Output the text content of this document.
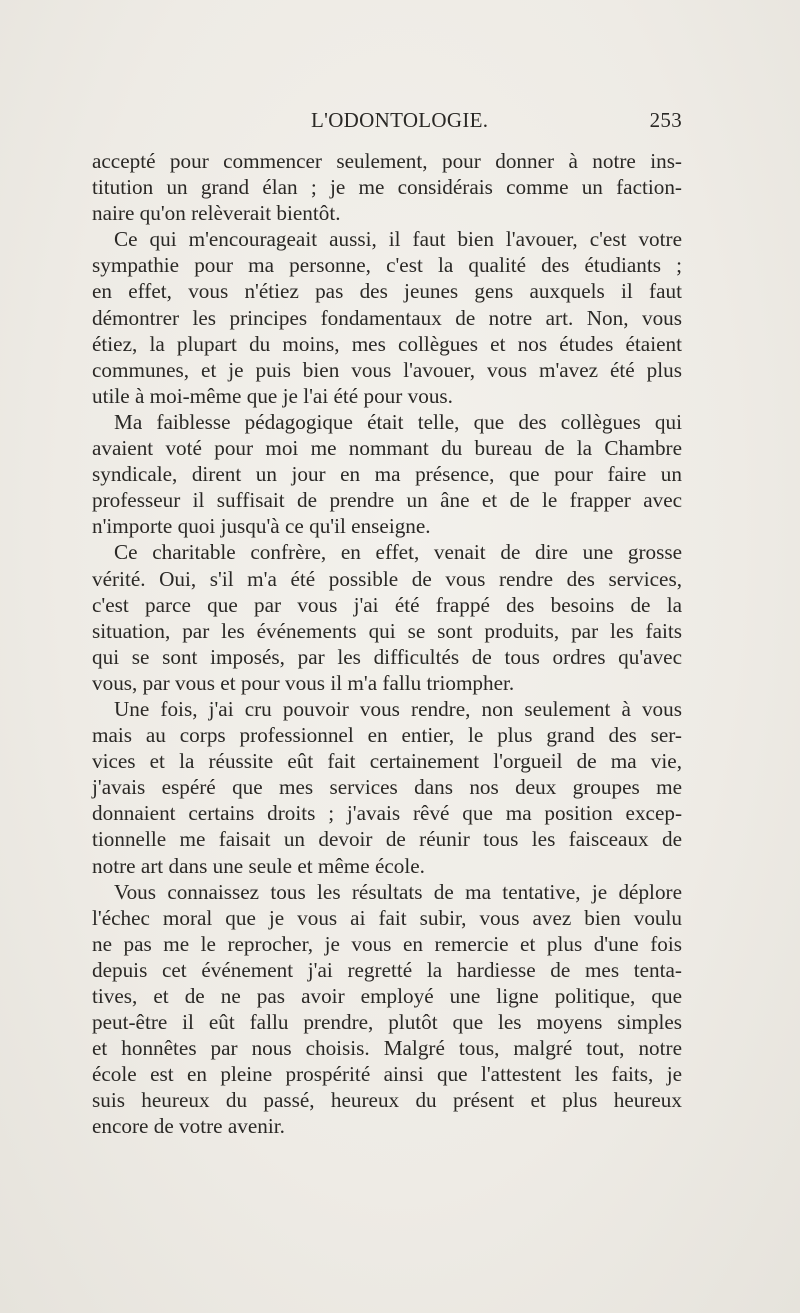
L'ODONTOLOGIE.	253
accepté pour commencer seulement, pour donner à notre ins-
titution un grand élan ; je me considérais comme un faction-
naire qu'on relèverait bientôt.
Ce qui m'encourageait aussi, il faut bien l'avouer, c'est votre
sympathie pour ma personne, c'est la qualité des étudiants ;
en effet, vous n'étiez pas des jeunes gens auxquels il faut
démontrer les principes fondamentaux de notre art. Non, vous
étiez, la plupart du moins, mes collègues et nos études étaient
communes, et je puis bien vous l'avouer, vous m'avez été plus
utile à moi-même que je l'ai été pour vous.
Ma faiblesse pédagogique était telle, que des collègues qui
avaient voté pour moi me nommant du bureau de la Chambre
syndicale, dirent un jour en ma présence, que pour faire un
professeur il suffisait de prendre un âne et de le frapper avec
n'importe quoi jusqu'à ce qu'il enseigne.
Ce charitable confrère, en effet, venait de dire une grosse
vérité. Oui, s'il m'a été possible de vous rendre des services,
c'est parce que par vous j'ai été frappé des besoins de la
situation, par les événements qui se sont produits, par les faits
qui se sont imposés, par les difficultés de tous ordres qu'avec
vous, par vous et pour vous il m'a fallu triompher.
Une fois, j'ai cru pouvoir vous rendre, non seulement à vous
mais au corps professionnel en entier, le plus grand des ser-
vices et la réussite eût fait certainement l'orgueil de ma vie,
j'avais espéré que mes services dans nos deux groupes me
donnaient certains droits ; j'avais rêvé que ma position excep-
tionnelle me faisait un devoir de réunir tous les faisceaux de
notre art dans une seule et même école.
Vous connaissez tous les résultats de ma tentative, je déplore
l'échec moral que je vous ai fait subir, vous avez bien voulu
ne pas me le reprocher, je vous en remercie et plus d'une fois
depuis cet événement j'ai regretté la hardiesse de mes tenta-
tives, et de ne pas avoir employé une ligne politique, que
peut-être il eût fallu prendre, plutôt que les moyens simples
et honnêtes par nous choisis. Malgré tous, malgré tout, notre
école est en pleine prospérité ainsi que l'attestent les faits, je
suis heureux du passé, heureux du présent et plus heureux
encore de votre avenir.
